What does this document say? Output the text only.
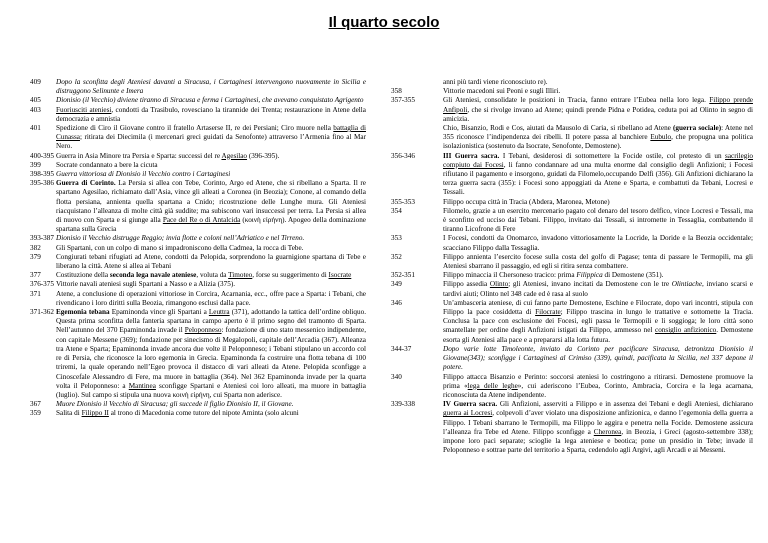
Il quarto secolo
409	Dopo la sconfitta degli Ateniesi davanti a Siracusa, i Cartaginesi intervengono nuovamente in Sicilia e distruggono Selinunte e Imera
405	Dionisio (il Vecchio) diviene tiranno di Siracusa e ferma i Cartaginesi, che avevano conquistato Agrigento
403	Fuoriusciti ateniesi, condotti da Trasibulo, rovesciano la tirannide dei Trenta; restaurazione in Atene della democrazia e amnistia
401	Spedizione di Ciro il Giovane contro il fratello Artaserse II, re dei Persiani; Ciro muore nella battaglia di Cunassa; ritirata dei Diecimila (i mercenari greci guidati da Senofonte) attraverso l’Armenia fino al Mar Nero.
400-395 Guerra in Asia Minore tra Persia e Sparta: successi del re Agesilao (396-395).
399	Socrate condannato a bere la cicuta
398-395 Guerra vittoriosa di Dionisio il Vecchio contro i Cartaginesi
395-386 Guerra di Corinto. La Persia si allea con Tebe, Corinto, Argo ed Atene, che si ribellano a Sparta. Il re spartano Agesilao, richiamato dall’Asia, vince gli alleati a Coronea (in Beozia); Conone, al comando della flotta persiana, annienta quella spartana a Cnido; ricostruzione delle Lunghe mura. Gli Ateniesi riacquistano l’alleanza di molte città già suddite; ma subiscono vari insuccessi per terra. La Persia si allea di nuovo con Sparta e si giunge alla Pace del Re o di Antalcida (κοινὴ εἰρήνη). Apogeo della dominazione spartana sulla Grecia
393-387 Dionisio il Vecchio distrugge Reggio; invia flotte e coloni nell’Adriatico e nel Tirreno.
382	Gli Spartani, con un colpo di mano si impadroniscono della Cadmea, la rocca di Tebe.
379	Congiurati tebani rifugiati ad Atene, condotti da Pelopida, sorprendono la guarnigione spartana di Tebe e liberano la città. Atene si allea ai Tebani
377	Costituzione della seconda lega navale ateniese, voluta da Timoteo, forse su suggerimento di Isocrate
376-375 Vittorie navali ateniesi sugli Spartani a Nasso e a Alizia (375).
371	Atene, a conclusione di operazioni vittoriose in Corcira, Acarnania, ecc., offre pace a Sparta: i Tebani, che rivendicano i loro diritti sulla Beozia, rimangono esclusi dalla pace.
371-362 Egemonia tebana Epaminonda vince gli Spartani a Leuttra (371), adottando la tattica dell’ordine obliquo. Questa prima sconfitta della fanteria spartana in campo aperto è il primo segno del tramonto di Sparta. Nell’autunno del 370 Epaminonda invade il Peloponneso: fondazione di uno stato messenico indipendente, con capitale Messene (369); fondazione per sinecismo di Megalopoli, capitale dell’Arcadia (367). Alleanza tra Atene e Sparta; Epaminonda invade ancora due volte il Peloponneso; i Tebani stipulano un accordo col re di Persia, che riconosce la loro egemonia in Grecia. Epaminonda fa costruire una flotta tebana di 100 triremi, la quale operando nell’Egeo provoca il distacco di vari alleati da Atene. Pelopida sconfigge a Cinoscefale Alessandro di Fere, ma muore in battaglia (364). Nel 362 Epaminonda invade per la quarta volta il Peloponneso: a Mantinea sconfigge Spartani e Ateniesi coi loro alleati, ma muore in battaglia (luglio). Sul campo si stipula una nuova κοινὴ εἰρήνη, cui Sparta non aderisce.
367	Muore Dionisio il Vecchio di Siracusa; gli succede il figlio Dionisio II, il Giovane.
359	Salita di Filippo II al trono di Macedonia come tutore del nipote Aminta (solo alcuni
anni più tardi viene riconosciuto re).
358	Vittorie macedoni sui Peoni e sugli Illiri.
357-355	Gli Ateniesi, consolidate le posizioni in Tracia, fanno entrare l’Eubea nella loro lega. Filippo prende Anfipoli, che si rivolge invano ad Atene; quindi prende Pidna e Potidea, ceduta poi ad Olinto in segno di amicizia.
Chio, Bisanzio, Rodi e Cos, aiutati da Mausolo di Caria, si ribellano ad Atene (guerra sociale): Atene nel 355 riconosce l’indipendenza dei ribelli. Il potere passa al banchiere Eubulo, che propugna una politica isolazionistica (sostenuto da Isocrate, Senofonte, Demostene).
356-346	III Guerra sacra. I Tebani, desiderosi di sottomettere la Focide ostile, col pretesto di un sacrilegio compiuto dai Focesi, li fanno condannare ad una multa enorme dal consiglio degli Anfizioni; i Focesi rifiutano il pagamento e insorgono, guidati da Filomelo,occupando Delfi (356). Gli Anfizioni dichiarano la terza guerra sacra (355): i Focesi sono appoggiati da Atene e Sparta, e combattuti da Tebani, Locresi e Tessali.
355-353	Filippo occupa città in Tracia (Abdera, Maronea, Metone)
354	Filomelo, grazie a un esercito mercenario pagato col denaro del tesoro delfico, vince Locresi e Tessali, ma è sconfitto ed ucciso dai Tebani. Filippo, invitato dai Tessali, si intromette in Tessaglia, combattendo il tiranno Licofrone di Fere
353	I Focesi, condotti da Onomarco, invadono vittoriosamente la Locride, la Doride e la Beozia occidentale; scacciano Filippo dalla Tessaglia.
352	Filippo annienta l’esercito focese sulla costa del golfo di Pagase; tenta di passare le Termopili, ma gli Ateniesi sbarrano il passaggio, ed egli si ritira senza combattere.
352-351	Filippo minaccia il Chersoneso tracico: prima Filippica di Demostene (351).
349	Filippo assedia Olinto; gli Ateniesi, invano incitati da Demostene con le tre Olintiache, inviano scarsi e tardivi aiuti; Olinto nel 348 cade ed è rasa al suolo
346	Un’ambasceria ateniese, di cui fanno parte Demostene, Eschine e Filocrate, dopo vari incontri, stipula con Filippo la pace cosiddetta di Filocrate; Filippo trascina in lungo le trattative e sottomette la Tracia. Conclusa la pace con esclusione dei Focesi, egli passa le Termopili e li soggioga; le loro città sono smantellate per ordine degli Anfizioni istigati da Filippo, ammesso nel consiglio anfizionico. Demostene esorta gli Ateniesi alla pace e a prepararsi alla lotta futura.
344-37	Dopo varie lotte Timoleonte, inviato da Corinto per pacificare Siracusa, detronizza Dionisio il Giovane(343); sconfigge i Cartaginesi al Crimiso (339), quindi, pacificata la Sicilia, nel 337 depone il potere.
340	Filippo attacca Bisanzio e Perinto: soccorsi ateniesi lo costringono a ritirarsi. Demostene promuove la prima «lega delle leghe», cui aderiscono l’Eubea, Corinto, Ambracia, Corcira e la lega acarnana, riconosciuta da Atene indipendente.
339-338	IV Guerra sacra. Gli Anfizioni, asserviti a Filippo e in assenza dei Tebani e degli Ateniesi, dichiarano guerra ai Locresi, colpevoli d’aver violato una disposizione anfizionica, e danno l’egemonia della guerra a Filippo. I Tebani sbarrano le Termopili, ma Filippo le aggira e penetra nella Focide. Demostene assicura l’alleanza fra Tebe ed Atene. Filippo sconfigge a Cheronea, in Beozia, i Greci (agosto-settembre 338); impone loro paci separate; scioglie la lega ateniese e beotica; pone un presidio in Tebe; invade il Peloponneso e sottrae parte del territorio a Sparta, cedendolo agli Argivi, agli Arcadi e ai Messeni.
